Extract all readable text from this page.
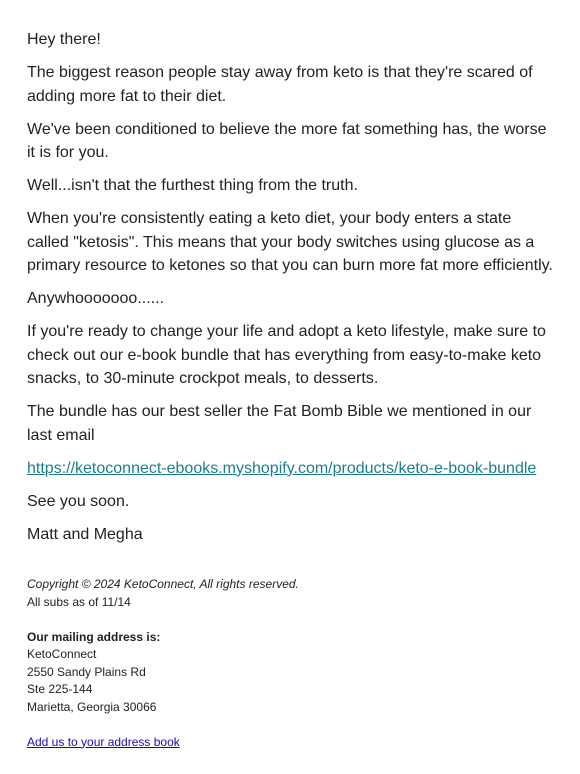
Hey there!

The biggest reason people stay away from keto is that they're scared of adding more fat to their diet.

We've been conditioned to believe the more fat something has, the worse it is for you.

Well...isn't that the furthest thing from the truth.

When you're consistently eating a keto diet, your body enters a state called "ketosis". This means that your body switches using glucose as a primary resource to ketones so that you can burn more fat more efficiently.

Anywhooooooo......

If you're ready to change your life and adopt a keto lifestyle, make sure to check out our e-book bundle that has everything from easy-to-make keto snacks, to 30-minute crockpot meals, to desserts.

The bundle has our best seller the Fat Bomb Bible we mentioned in our last email

https://ketoconnect-ebooks.myshopify.com/products/keto-e-book-bundle

See you soon.

Matt and Megha

Copyright © 2024 KetoConnect, All rights reserved.
All subs as of 11/14
Our mailing address is:
KetoConnect
2550 Sandy Plains Rd
Ste 225-144
Marietta, Georgia 30066
Add us to your address book
